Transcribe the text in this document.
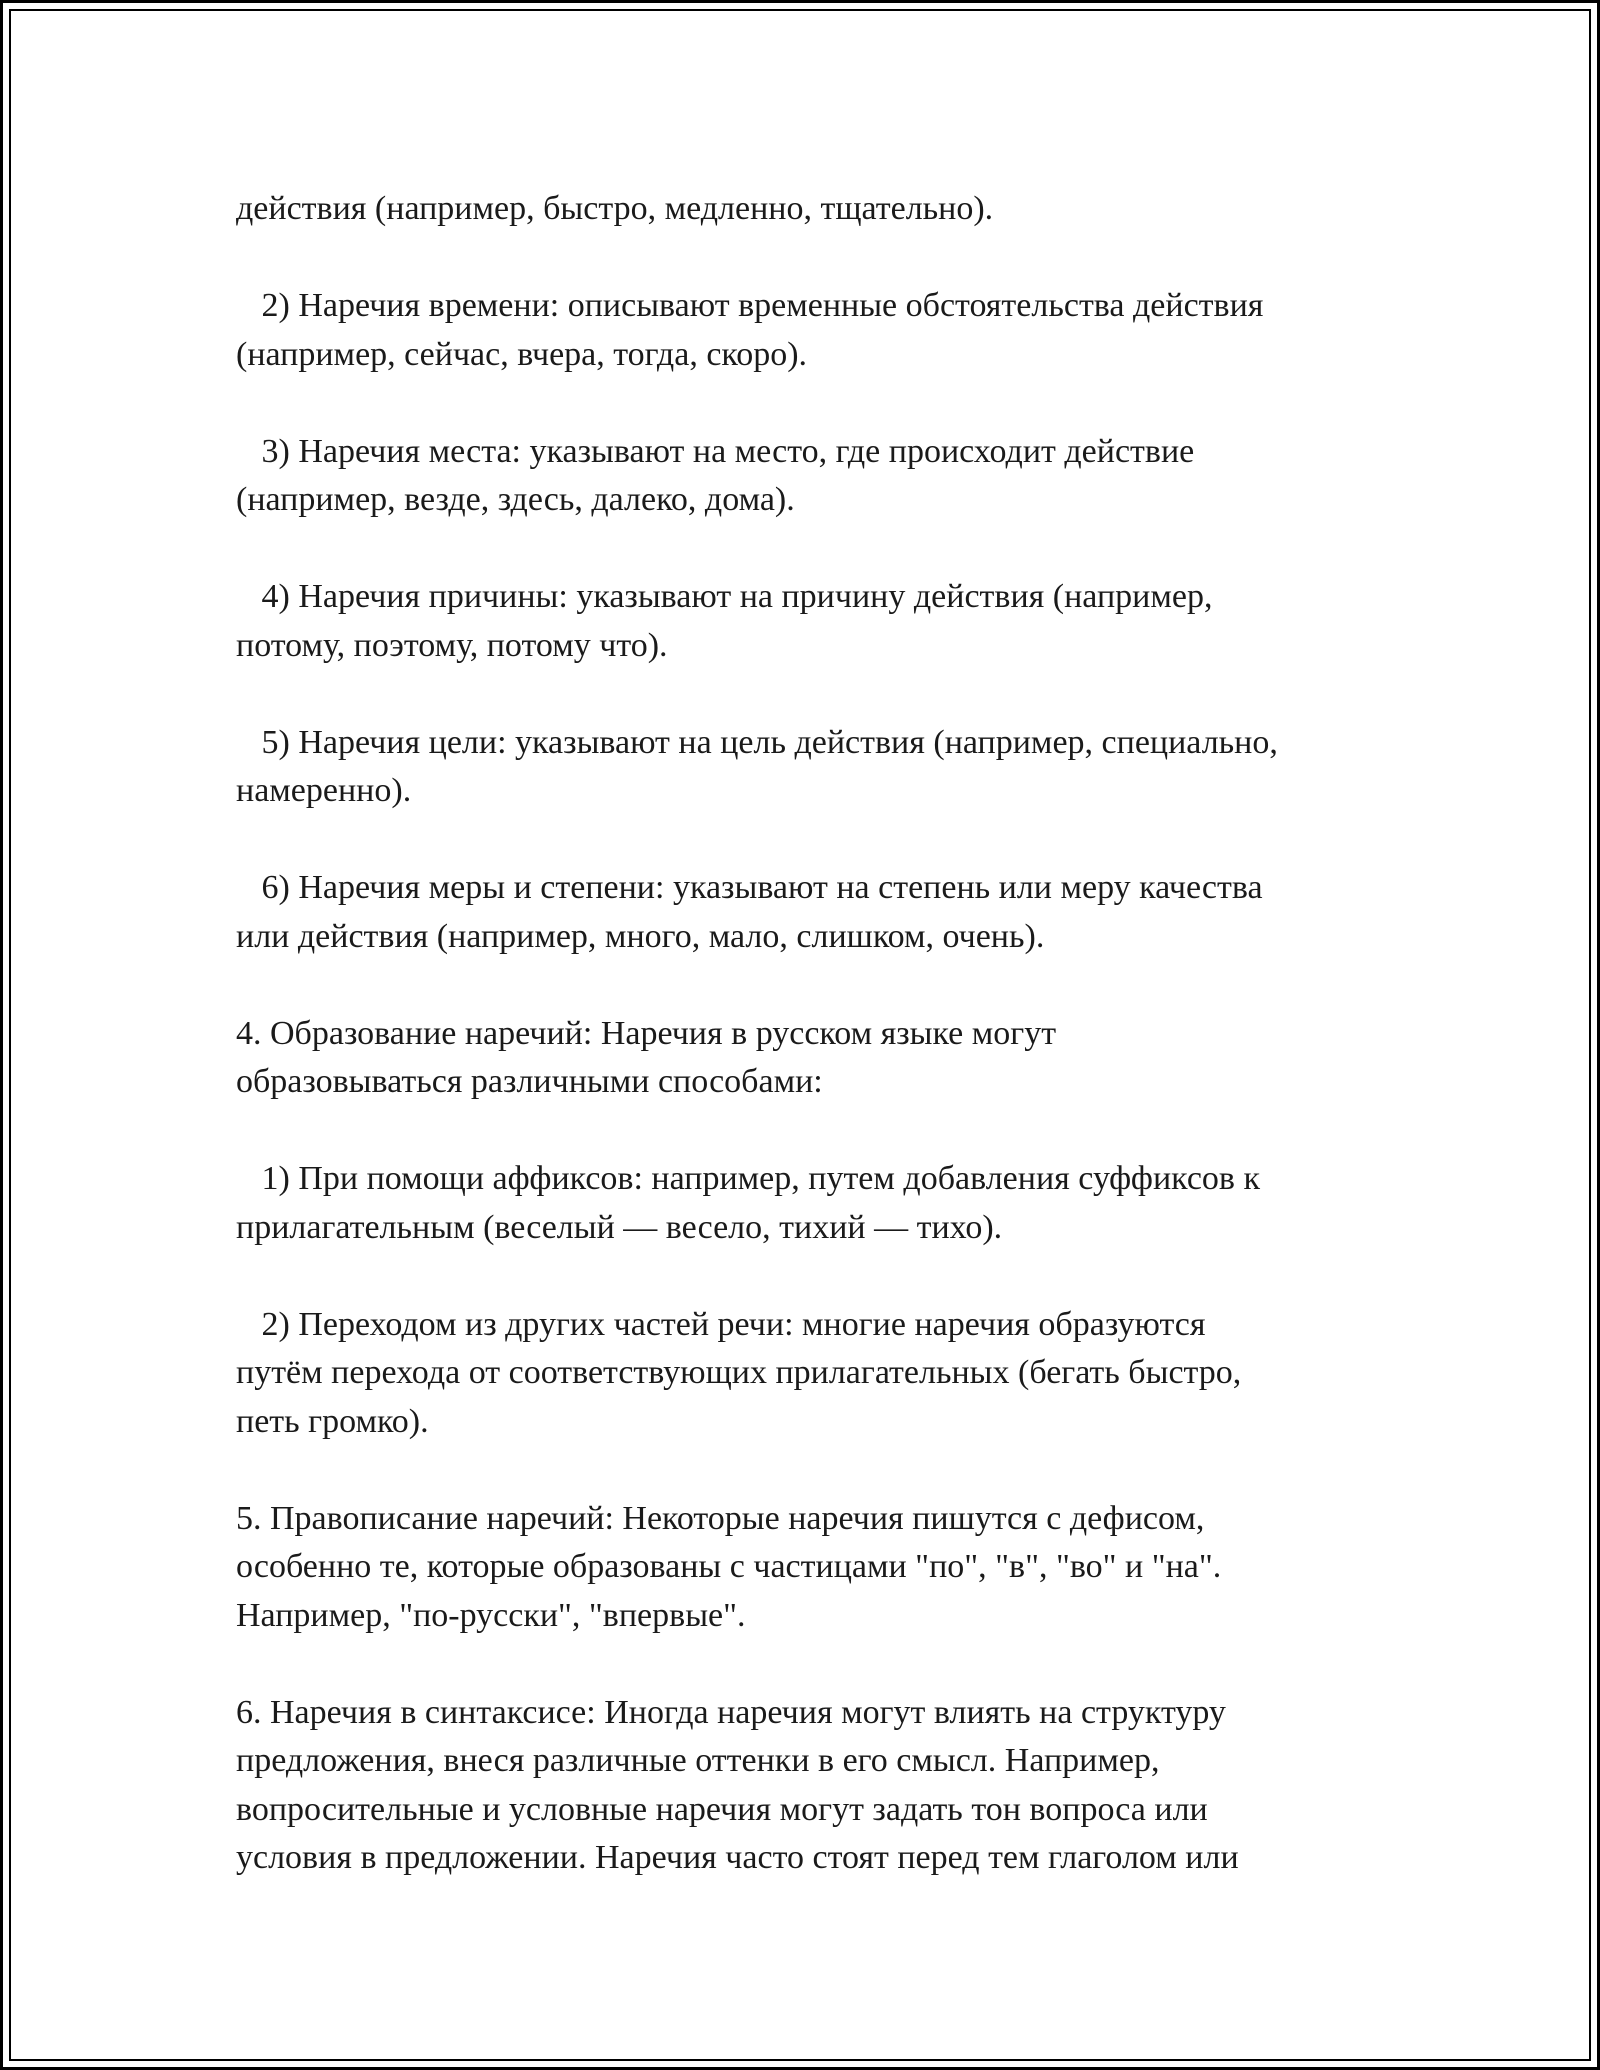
действия (например, быстро, медленно, тщательно).

2) Наречия времени: описывают временные обстоятельства действия
(например, сейчас, вчера, тогда, скоро).

3) Наречия места: указывают на место, где происходит действие
(например, везде, здесь, далеко, дома).

4) Наречия причины: указывают на причину действия (например,
потому, поэтому, потому что).

5) Наречия цели: указывают на цель действия (например, специально,
намеренно).

6) Наречия меры и степени: указывают на степень или меру качества
или действия (например, много, мало, слишком, очень).

4. Образование наречий: Наречия в русском языке могут
образовываться различными способами:

1) При помощи аффиксов: например, путем добавления суффиксов к
прилагательным (веселый — весело, тихий — тихо).

2) Переходом из других частей речи: многие наречия образуются
путём перехода от соответствующих прилагательных (бегать быстро,
петь громко).

5. Правописание наречий: Некоторые наречия пишутся с дефисом,
особенно те, которые образованы с частицами "по", "в", "во" и "на".
Например, "по-русски", "впервые".

6. Наречия в синтаксисе: Иногда наречия могут влиять на структуру
предложения, внеся различные оттенки в его смысл. Например,
вопросительные и условные наречия могут задать тон вопроса или
условия в предложении. Наречия часто стоят перед тем глаголом или
